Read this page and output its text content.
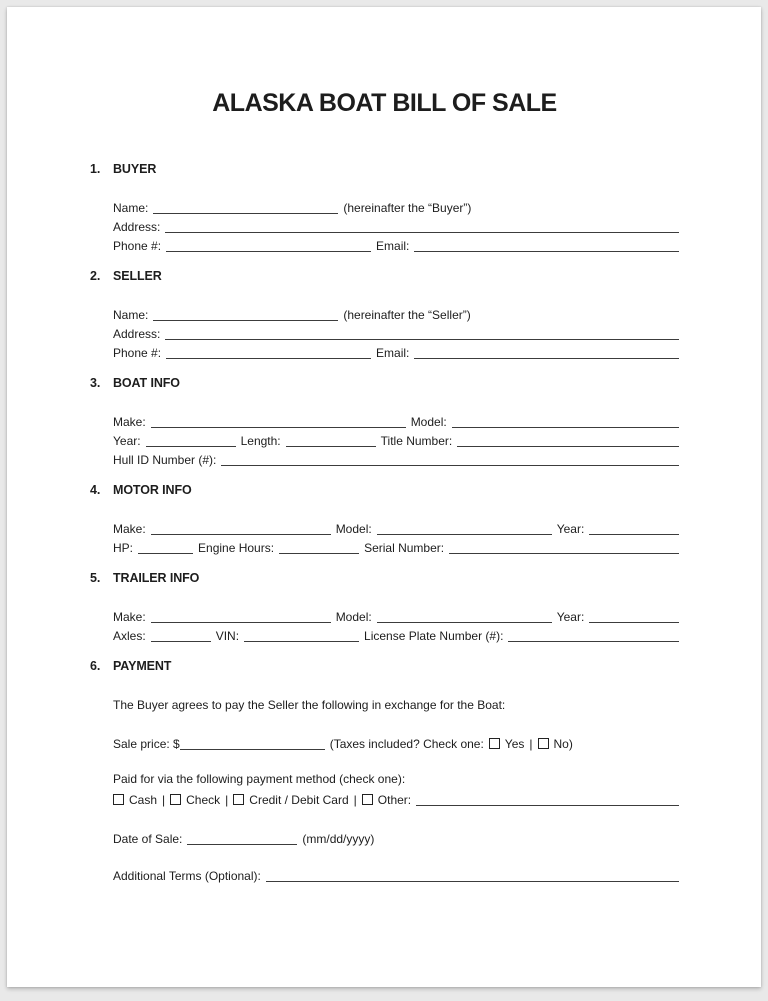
ALASKA BOAT BILL OF SALE
1.	BUYER
Name:	(hereinafter the “Buyer”)
Address:
Phone #:	Email:
2.	SELLER
Name:	(hereinafter the “Seller”)
Address:
Phone #:	Email:
3.	BOAT INFO
Make:	Model:
Year:	Length:	Title Number:
Hull ID Number (#):
4.	MOTOR INFO
Make:	Model:	Year:
HP:	Engine Hours:	Serial Number:
5.	TRAILER INFO
Make:	Model:	Year:
Axles:	VIN:	License Plate Number (#):
6.	PAYMENT
The Buyer agrees to pay the Seller the following in exchange for the Boat:
Sale price: $	(Taxes included? Check one: Yes | No)
Paid for via the following payment method (check one):
Cash | Check | Credit / Debit Card | Other:
Date of Sale:	(mm/dd/yyyy)
Additional Terms (Optional):
